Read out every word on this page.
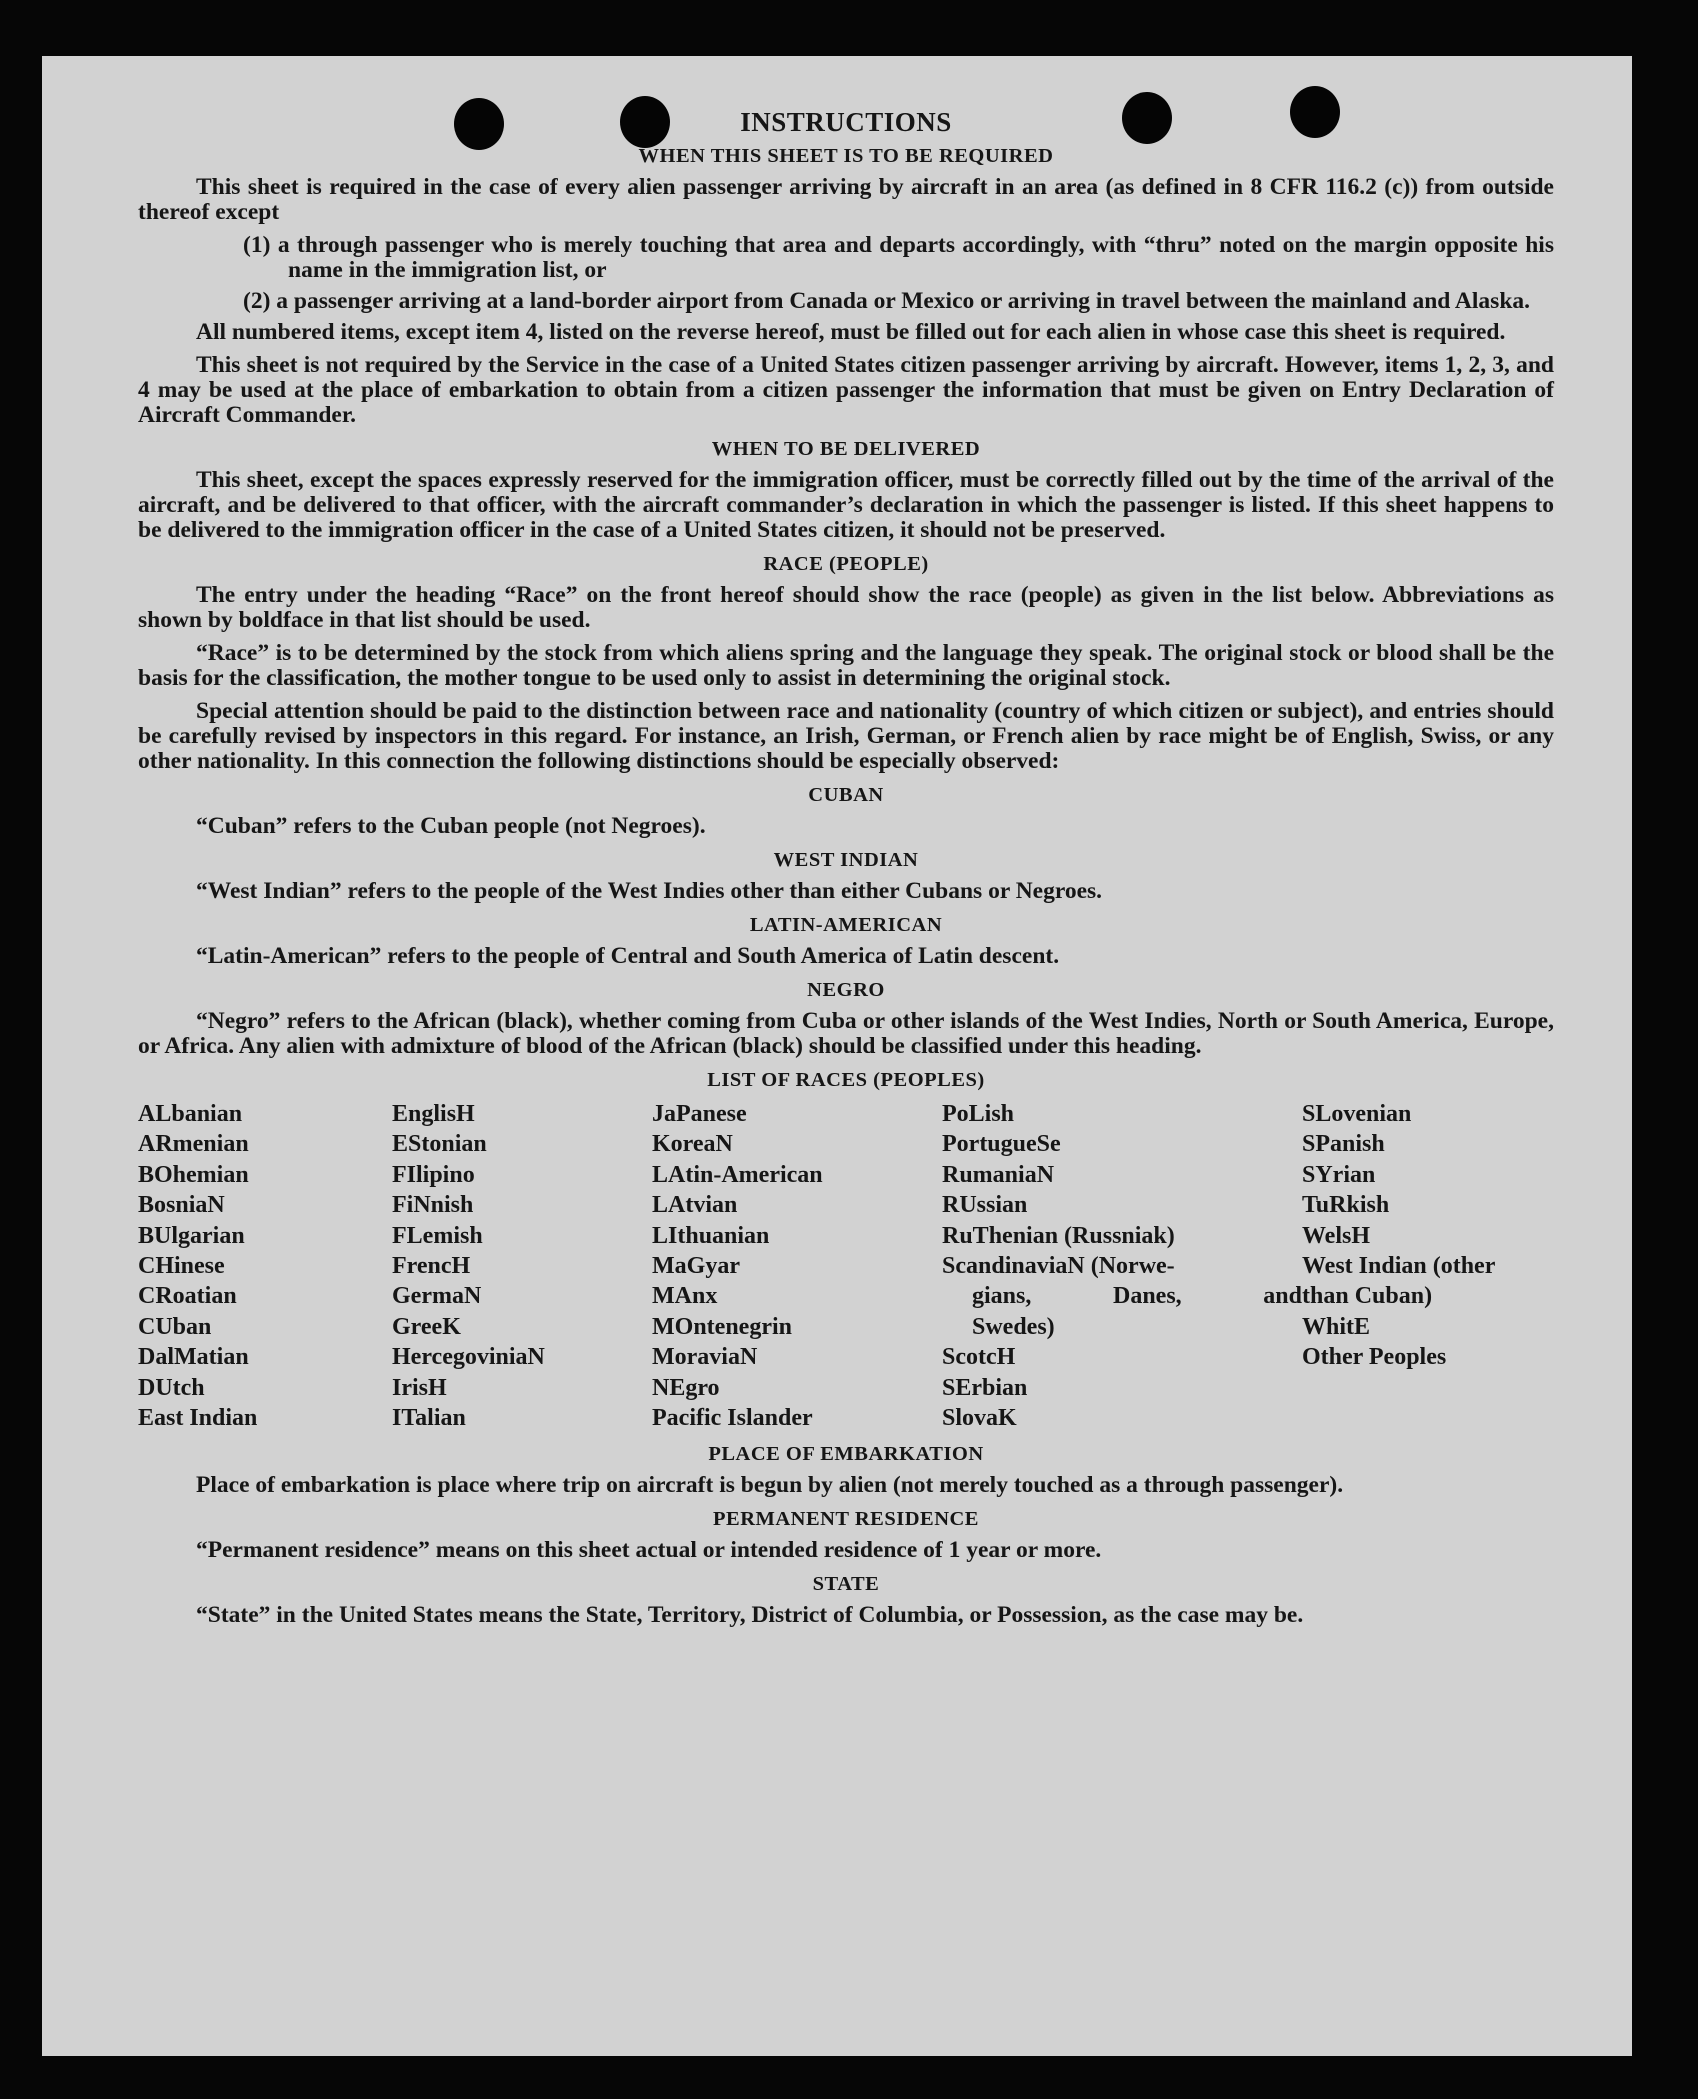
INSTRUCTIONS
WHEN THIS SHEET IS TO BE REQUIRED

This sheet is required in the case of every alien passenger arriving by aircraft in an area (as defined in 8 CFR 116.2 (c)) from outside thereof except

(1) a through passenger who is merely touching that area and departs accordingly, with “thru” noted on the margin opposite his name in the immigration list, or

(2) a passenger arriving at a land-border airport from Canada or Mexico or arriving in travel between the mainland and Alaska.

All numbered items, except item 4, listed on the reverse hereof, must be filled out for each alien in whose case this sheet is required.

This sheet is not required by the Service in the case of a United States citizen passenger arriving by aircraft. However, items 1, 2, 3, and 4 may be used at the place of embarkation to obtain from a citizen passenger the information that must be given on Entry Declaration of Aircraft Commander.

WHEN TO BE DELIVERED

This sheet, except the spaces expressly reserved for the immigration officer, must be correctly filled out by the time of the arrival of the aircraft, and be delivered to that officer, with the aircraft commander’s declaration in which the passenger is listed. If this sheet happens to be delivered to the immigration officer in the case of a United States citizen, it should not be preserved.

RACE (PEOPLE)

The entry under the heading “Race” on the front hereof should show the race (people) as given in the list below. Abbreviations as shown by boldface in that list should be used.

“Race” is to be determined by the stock from which aliens spring and the language they speak. The original stock or blood shall be the basis for the classification, the mother tongue to be used only to assist in determining the original stock.

Special attention should be paid to the distinction between race and nationality (country of which citizen or subject), and entries should be carefully revised by inspectors in this regard. For instance, an Irish, German, or French alien by race might be of English, Swiss, or any other nationality. In this connection the following distinctions should be especially observed:

CUBAN

“Cuban” refers to the Cuban people (not Negroes).

WEST INDIAN

“West Indian” refers to the people of the West Indies other than either Cubans or Negroes.

LATIN-AMERICAN

“Latin-American” refers to the people of Central and South America of Latin descent.

NEGRO

“Negro” refers to the African (black), whether coming from Cuba or other islands of the West Indies, North or South America, Europe, or Africa. Any alien with admixture of blood of the African (black) should be classified under this heading.

LIST OF RACES (PEOPLES)
ALbanian
ARmenian
BOhemian
BosniaN
BUlgarian
CHinese
CRoatian
CUban
DalMatian
DUtch
East Indian
EnglisH
EStonian
FIlipino
FiNnish
FLemish
FrencH
GermaN
GreeK
HercegoviniaN
IrisH
ITalian
JaPanese
KoreaN
LAtin-American
LAtvian
LIthuanian
MaGyar
MAnx
MOntenegrin
MoraviaN
NEgro
Pacific Islander
PoLish
PortugueSe
RumaniaN
RUssian
RuThenian (Russniak)
ScandinaviaN (Norwe-
gians, Danes, and
Swedes)
ScotcH
SErbian
SlovaK
SLovenian
SPanish
SYrian
TuRkish
WelsH
West Indian (other
than Cuban)
WhitE
Other Peoples
PLACE OF EMBARKATION

Place of embarkation is place where trip on aircraft is begun by alien (not merely touched as a through passenger).

PERMANENT RESIDENCE

“Permanent residence” means on this sheet actual or intended residence of 1 year or more.

STATE

“State” in the United States means the State, Territory, District of Columbia, or Possession, as the case may be.
